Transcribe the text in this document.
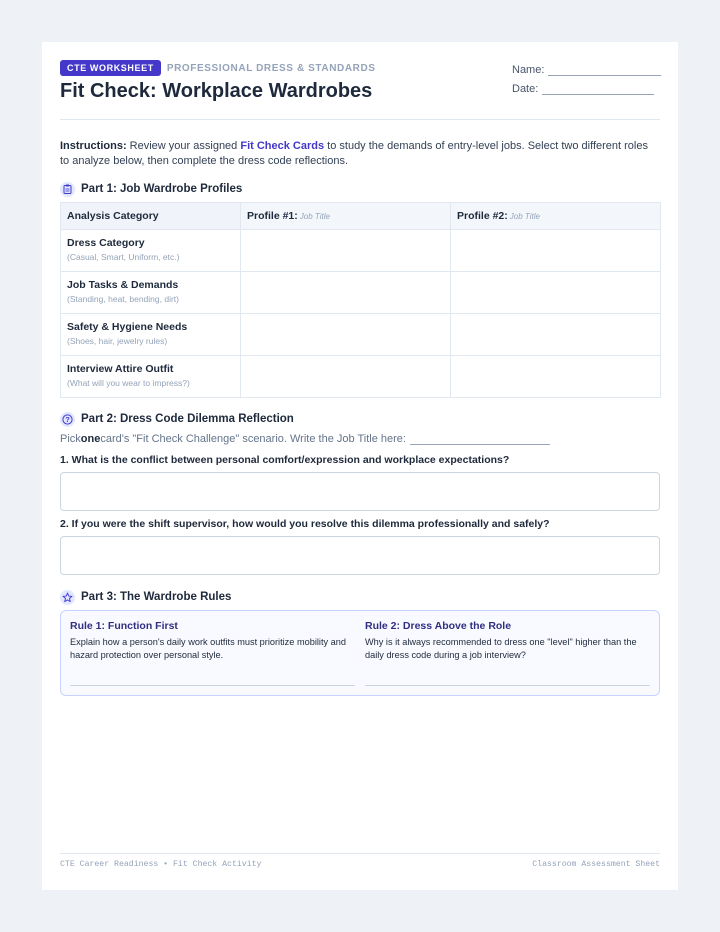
CTE WORKSHEET	PROFESSIONAL DRESS & STANDARDS
Fit Check: Workplace Wardrobes
Name:
Date:
Instructions: Review your assigned Fit Check Cards to study the demands of entry-level jobs. Select two different roles to analyze below, then complete the dress code reflections.
Part 1: Job Wardrobe Profiles
Analysis Category	Profile #1: Job Title	Profile #2: Job Title

Dress Category
(Casual, Smart, Uniform, etc.)		

Job Tasks & Demands
(Standing, heat, bending, dirt)		

Safety & Hygiene Needs
(Shoes, hair, jewelry rules)		

Interview Attire Outfit
(What will you wear to impress?)		

? Part 2: Dress Code Dilemma Reflection
Pick one card's "Fit Check Challenge" scenario. Write the Job Title here:
1. What is the conflict between personal comfort/expression and workplace expectations?
2. If you were the shift supervisor, how would you resolve this dilemma professionally and safely?
Part 3: The Wardrobe Rules
Rule 1: Function First
Explain how a person's daily work outfits must prioritize mobility and hazard protection over personal style.
Rule 2: Dress Above the Role
Why is it always recommended to dress one "level" higher than the daily dress code during a job interview?
CTE Career Readiness • Fit Check Activity	Classroom Assessment Sheet
